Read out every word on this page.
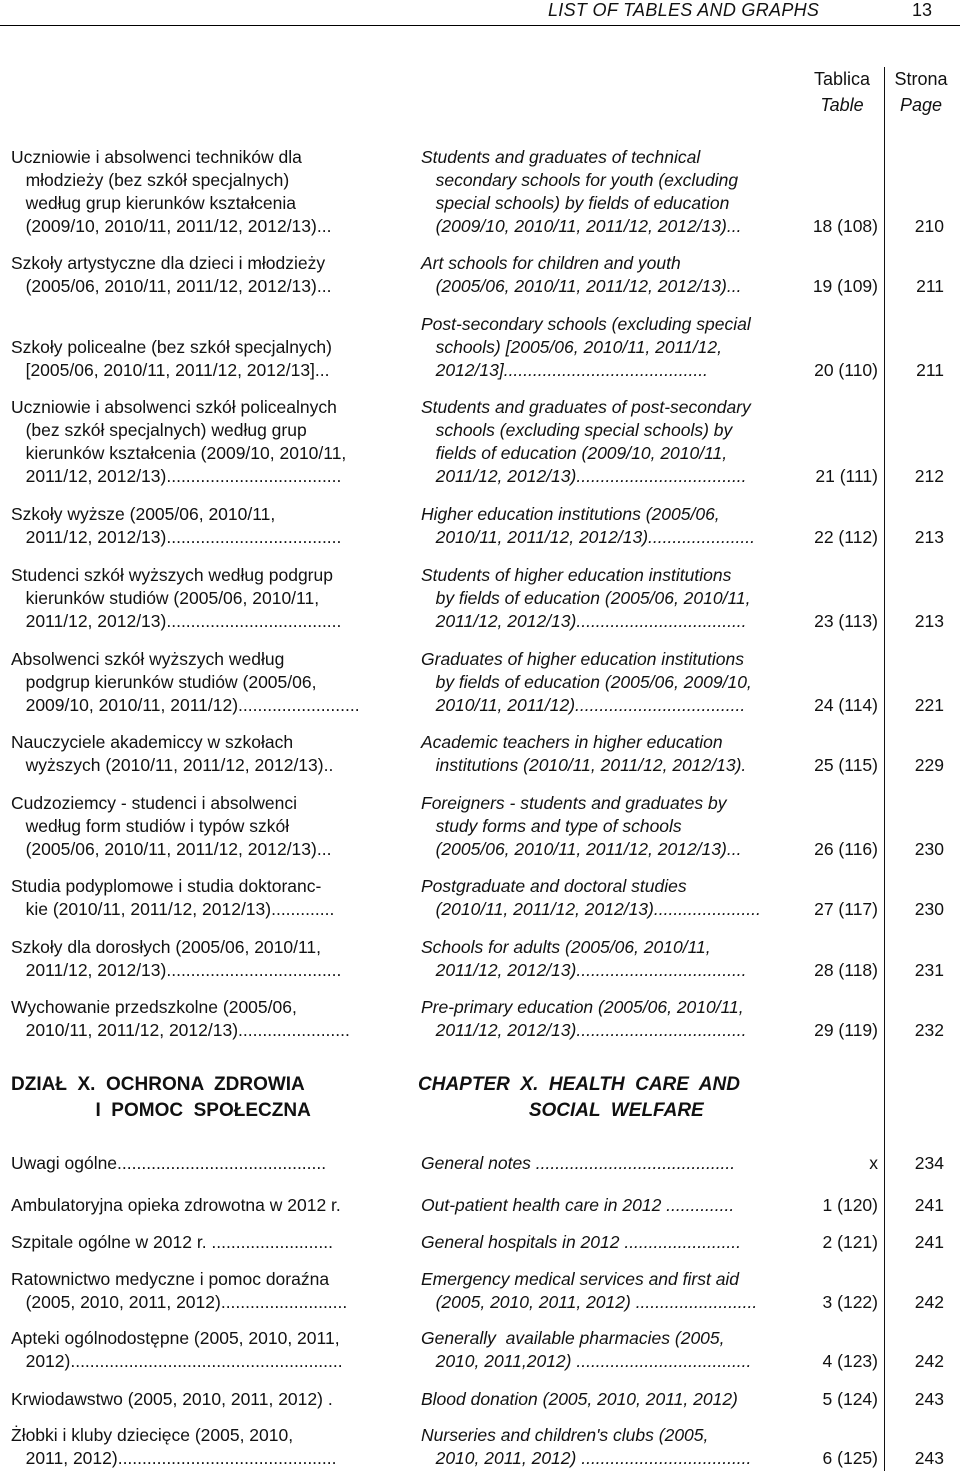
LIST OF TABLES AND GRAPHS	13
Tablica
Table
Strona
Page
Uczniowie i absolwenci techników dla
młodzieży (bez szkół specjalnych)
według grup kierunków kształcenia
(2009/10, 2010/11, 2011/12, 2012/13)...
Students and graduates of technical
secondary schools for youth (excluding
special schools) by fields of education
(2009/10, 2010/11, 2011/12, 2012/13)...	18 (108)	210
Szkoły artystyczne dla dzieci i młodzieży
(2005/06, 2010/11, 2011/12, 2012/13)...
Art schools for children and youth
(2005/06, 2010/11, 2011/12, 2012/13)...	19 (109)	211
Szkoły policealne (bez szkół specjalnych)
[2005/06, 2010/11, 2011/12, 2012/13]...
Post-secondary schools (excluding special
schools) [2005/06, 2010/11, 2011/12,
2012/13]..........................................	20 (110)	211
Uczniowie i absolwenci szkół policealnych
(bez szkół specjalnych) według grup
kierunków kształcenia (2009/10, 2010/11,
2011/12, 2012/13)....................................
Students and graduates of post-secondary
schools (excluding special schools) by
fields of education (2009/10, 2010/11,
2011/12, 2012/13)...................................	21 (111)	212
Szkoły wyższe (2005/06, 2010/11,
2011/12, 2012/13)....................................
Higher education institutions (2005/06,
2010/11, 2011/12, 2012/13)......................	22 (112)	213
Studenci szkół wyższych według podgrup
kierunków studiów (2005/06, 2010/11,
2011/12, 2012/13)....................................
Students of higher education institutions
by fields of education (2005/06, 2010/11,
2011/12, 2012/13)...................................	23 (113)	213
Absolwenci szkół wyższych według
podgrup kierunków studiów (2005/06,
2009/10, 2010/11, 2011/12).........................
Graduates of higher education institutions
by fields of education (2005/06, 2009/10,
2010/11, 2011/12)...................................	24 (114)	221
Nauczyciele akademiccy w szkołach
wyższych (2010/11, 2011/12, 2012/13)..
Academic teachers in higher education
institutions (2010/11, 2011/12, 2012/13).	25 (115)	229
Cudzoziemcy - studenci i absolwenci
według form studiów i typów szkół
(2005/06, 2010/11, 2011/12, 2012/13)...
Foreigners - students and graduates by
study forms and type of schools
(2005/06, 2010/11, 2011/12, 2012/13)...	26 (116)	230
Studia podyplomowe i studia doktoranc-
kie (2010/11, 2011/12, 2012/13).............
Postgraduate and doctoral studies
(2010/11, 2011/12, 2012/13)......................	27 (117)	230
Szkoły dla dorosłych (2005/06, 2010/11,
2011/12, 2012/13)....................................
Schools for adults (2005/06, 2010/11,
2011/12, 2012/13)...................................	28 (118)	231
Wychowanie przedszkolne (2005/06,
2010/11, 2011/12, 2012/13).......................
Pre-primary education (2005/06, 2010/11,
2011/12, 2012/13)...................................	29 (119)	232
DZIAŁ  X.  OCHRONA  ZDROWIA
I  POMOC  SPOŁECZNA
CHAPTER  X.  HEALTH  CARE  AND
SOCIAL  WELFARE
Uwagi ogólne...........................................	General notes .........................................	x	234
Ambulatoryjna opieka zdrowotna w 2012 r.	Out-patient health care in 2012 ..............	1 (120)	241
Szpitale ogólne w 2012 r. .........................	General hospitals in 2012 ........................	2 (121)	241
Ratownictwo medyczne i pomoc doraźna
(2005, 2010, 2011, 2012)..........................
Emergency medical services and first aid
(2005, 2010, 2011, 2012) .........................	3 (122)	242
Apteki ogólnodostępne (2005, 2010, 2011,
2012)........................................................
Generally  available pharmacies (2005,
2010, 2011,2012) ....................................	4 (123)	242
Krwiodawstwo (2005, 2010, 2011, 2012) .	Blood donation (2005, 2010, 2011, 2012)	5 (124)	243
Żłobki i kluby dziecięce (2005, 2010,
2011, 2012).............................................
Nurseries and children's clubs (2005,
2010, 2011, 2012) ...................................	6 (125)	243
